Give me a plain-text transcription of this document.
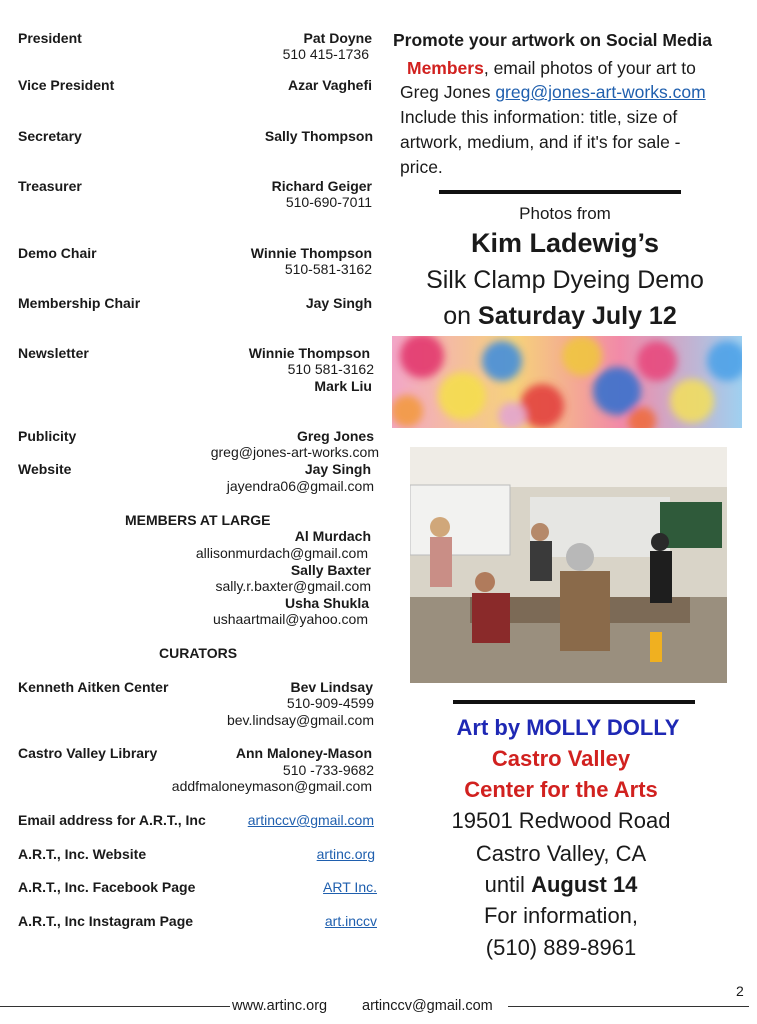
President	Pat Doyne
510 415-1736
Vice President	Azar Vaghefi
Secretary	Sally Thompson
Treasurer	Richard Geiger
510-690-7011
Demo Chair	Winnie Thompson
510-581-3162
Membership Chair	Jay Singh
Newsletter	Winnie Thompson
510 581-3162
Mark Liu
Publicity	Greg Jones
greg@jones-art-works.com
Website	Jay Singh
jayendra06@gmail.com
MEMBERS AT LARGE
Al Murdach
allisonmurdach@gmail.com
Sally Baxter
sally.r.baxter@gmail.com
Usha Shukla
ushaartmail@yahoo.com
CURATORS
Kenneth Aitken Center	Bev Lindsay
510-909-4599
bev.lindsay@gmail.com
Castro Valley Library	Ann Maloney-Mason
510 -733-9682
addfmaloneymason@gmail.com
Email address for A.R.T., Inc	artinccv@gmail.com
A.R.T., Inc. Website	artinc.org
A.R.T., Inc. Facebook Page	ART Inc.
A.R.T., Inc Instagram Page	art.inccv
Promote your artwork on Social Media
Members, email photos of your art to
Greg Jones greg@jones-art-works.com
Include this information: title, size of
artwork, medium, and if it's for sale -
price.
Photos from
Kim Ladewig’s
Silk Clamp Dyeing Demo
on Saturday July 12
Art by MOLLY DOLLY
Castro Valley
Center for the Arts
19501 Redwood Road
Castro Valley, CA
until August 14
For information,
(510) 889-8961
www.artinc.org artinccv@gmail.com
2
